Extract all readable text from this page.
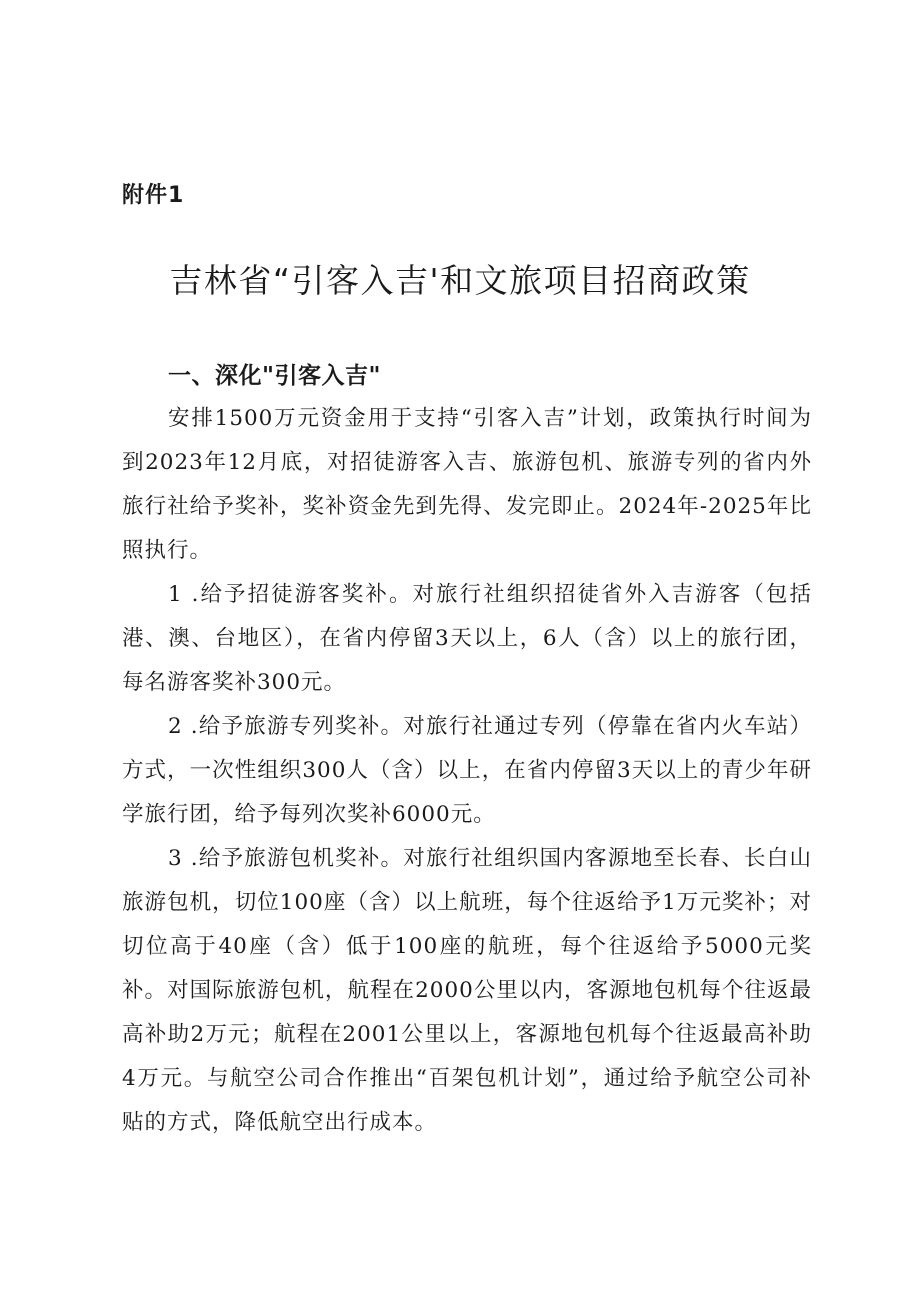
附件1

吉林省“引客入吉'和文旅项目招商政策
一、深化"引客入吉"

安排1500万元资金用于支持“引客入吉”计划，政策执行时间为到2023年12月底，对招徒游客入吉、旅游包机、旅游专列的省内外旅行社给予奖补，奖补资金先到先得、发完即止。2024年-2025年比照执行。

1 .给予招徒游客奖补。对旅行社组织招徒省外入吉游客（包括港、澳、台地区），在省内停留3天以上，6人（含）以上的旅行团，每名游客奖补300元。

2 .给予旅游专列奖补。对旅行社通过专列（停靠在省内火车站）方式，一次性组织300人（含）以上，在省内停留3天以上的青少年研学旅行团，给予每列次奖补6000元。

3 .给予旅游包机奖补。对旅行社组织国内客源地至长春、长白山旅游包机，切位100座（含）以上航班，每个往返给予1万元奖补；对切位高于40座（含）低于100座的航班，每个往返给予5000元奖补。对国际旅游包机，航程在2000公里以内，客源地包机每个往返最高补助2万元；航程在2001公里以上，客源地包机每个往返最高补助4万元。与航空公司合作推出“百架包机计划”，通过给予航空公司补贴的方式，降低航空出行成本。
